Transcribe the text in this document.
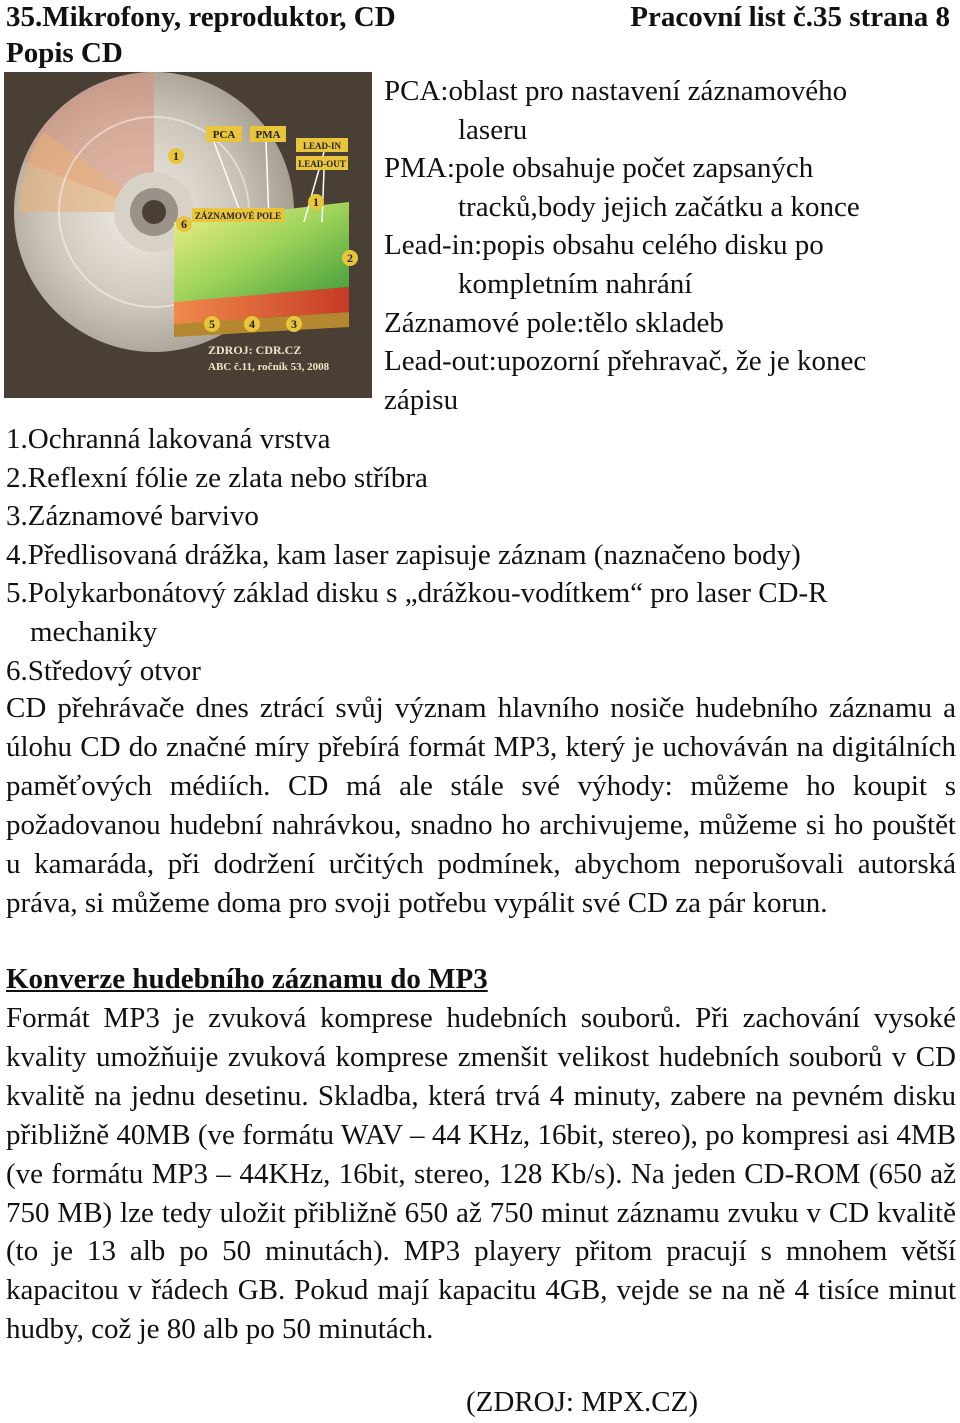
35.Mikrofony, reproduktor, CD	Pracovní list č.35 strana 8
Popis CD
PCA PMA
LEAD-IN
LEAD-OUT
ZÁZNAMOVÉ POLE
1
6
1
2
5	4	3
ZDROJ: CDR.CZ
ABC č.11, ročník 53, 2008
PCA:oblast pro nastavení záznamového
laseru
PMA:pole obsahuje počet zapsaných
tracků,body jejich začátku a konce
Lead-in:popis obsahu celého disku po
kompletním nahrání
Záznamové pole:tělo skladeb
Lead-out:upozorní přehravač, že je konec
zápisu
1.Ochranná lakovaná vrstva
2.Reflexní fólie ze zlata nebo stříbra
3.Záznamové barvivo
4.Předlisovaná drážka, kam laser zapisuje záznam (naznačeno body)
5.Polykarbonátový základ disku s „drážkou-vodítkem“ pro laser CD-R
mechaniky
6.Středový otvor
CD přehrávače dnes ztrácí svůj význam hlavního nosiče hudebního záznamu a úlohu CD do značné míry přebírá formát MP3, který je uchováván na digitálních paměťových médiích. CD má ale stále své výhody: můžeme ho koupit s požadovanou hudební nahrávkou, snadno ho archivujeme, můžeme si ho pouštět u kamaráda, při dodržení určitých podmínek, abychom neporušovali autorská práva, si můžeme doma pro svoji potřebu vypálit své CD za pár korun.
Konverze hudebního záznamu do MP3
Formát MP3 je zvuková komprese hudebních souborů. Při zachování vysoké kvality umožňuije zvuková komprese zmenšit velikost hudebních souborů v CD kvalitě na jednu desetinu. Skladba, která trvá 4 minuty, zabere na pevném disku přibližně 40MB (ve formátu WAV – 44 KHz, 16bit, stereo), po kompresi asi 4MB (ve formátu MP3 – 44KHz, 16bit, stereo, 128 Kb/s). Na jeden CD-ROM (650 až 750 MB) lze tedy uložit přibližně 650 až 750 minut záznamu zvuku v CD kvalitě (to je 13 alb po 50 minutách). MP3 playery přitom pracují s mnohem větší kapacitou v řádech GB. Pokud mají kapacitu 4GB, vejde se na ně 4 tisíce minut hudby, což je 80 alb po 50 minutách.
(ZDROJ: MPX.CZ)
